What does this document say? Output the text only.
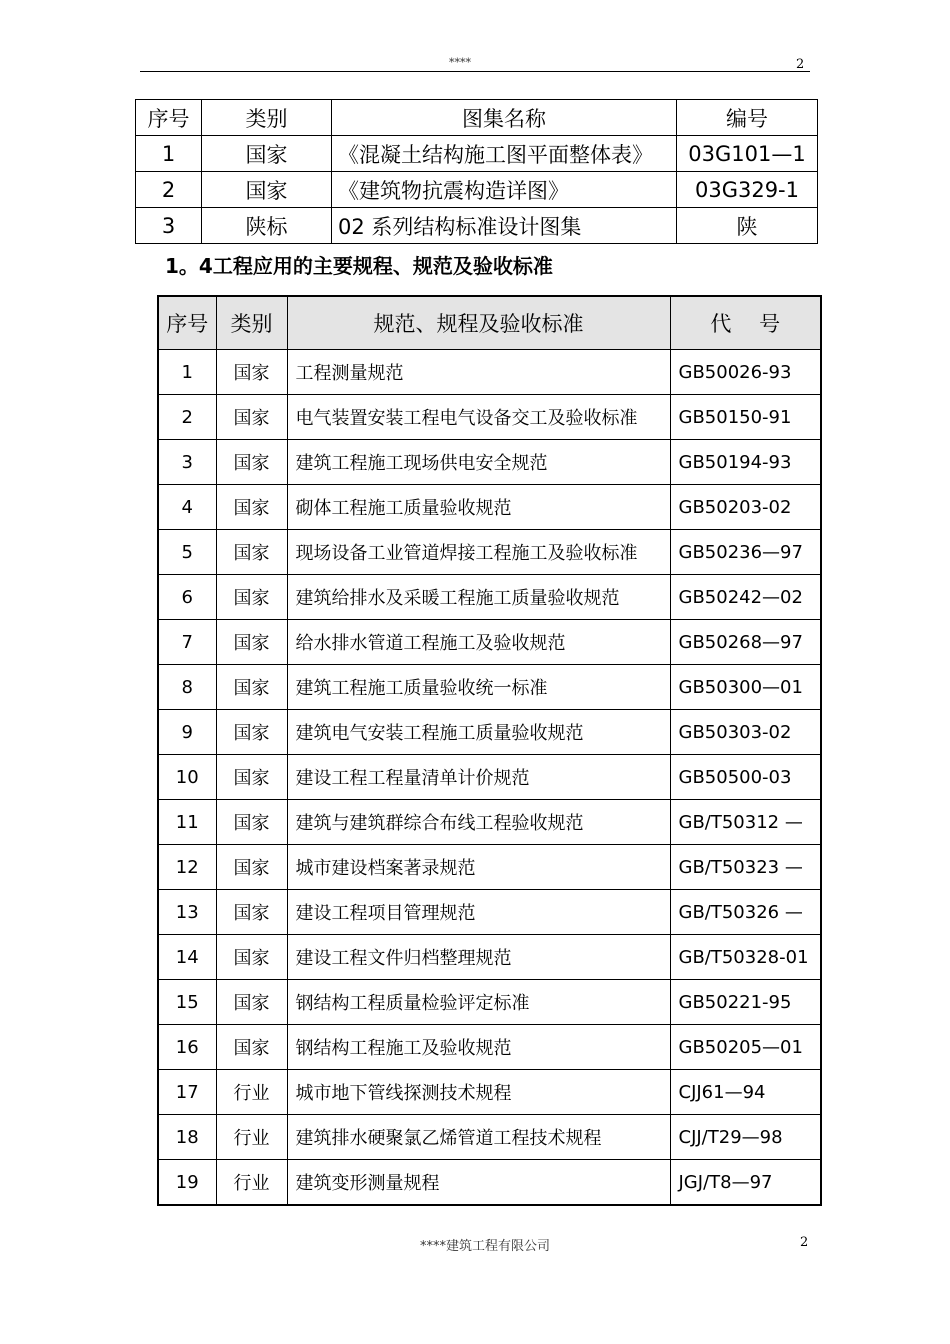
****	2
序号	类别	图集名称	编号
1	国家	《混凝土结构施工图平面整体表》	03G101—1
2	国家	《建筑物抗震构造详图》	03G329-1
3	陕标	02 系列结构标准设计图集	陕
1。4工程应用的主要规程、规范及验收标准
序号	类别	规范、规程及验收标准	代　 号
1	国家	工程测量规范	GB50026-93
2	国家	电气装置安装工程电气设备交工及验收标准	GB50150-91
3	国家	建筑工程施工现场供电安全规范	GB50194-93
4	国家	砌体工程施工质量验收规范	GB50203-02
5	国家	现场设备工业管道焊接工程施工及验收标准	GB50236—97
6	国家	建筑给排水及采暖工程施工质量验收规范	GB50242—02
7	国家	给水排水管道工程施工及验收规范	GB50268—97
8	国家	建筑工程施工质量验收统一标准	GB50300—01
9	国家	建筑电气安装工程施工质量验收规范	GB50303-02
10	国家	建设工程工程量清单计价规范	GB50500-03
11	国家	建筑与建筑群综合布线工程验收规范	GB/T50312 —
12	国家	城市建设档案著录规范	GB/T50323 —
13	国家	建设工程项目管理规范	GB/T50326 —
14	国家	建设工程文件归档整理规范	GB/T50328-01
15	国家	钢结构工程质量检验评定标准	GB50221-95
16	国家	钢结构工程施工及验收规范	GB50205—01
17	行业	城市地下管线探测技术规程	CJJ61—94
18	行业	建筑排水硬聚氯乙烯管道工程技术规程	CJJ/T29—98
19	行业	建筑变形测量规程	JGJ/T8—97
****建筑工程有限公司	2
